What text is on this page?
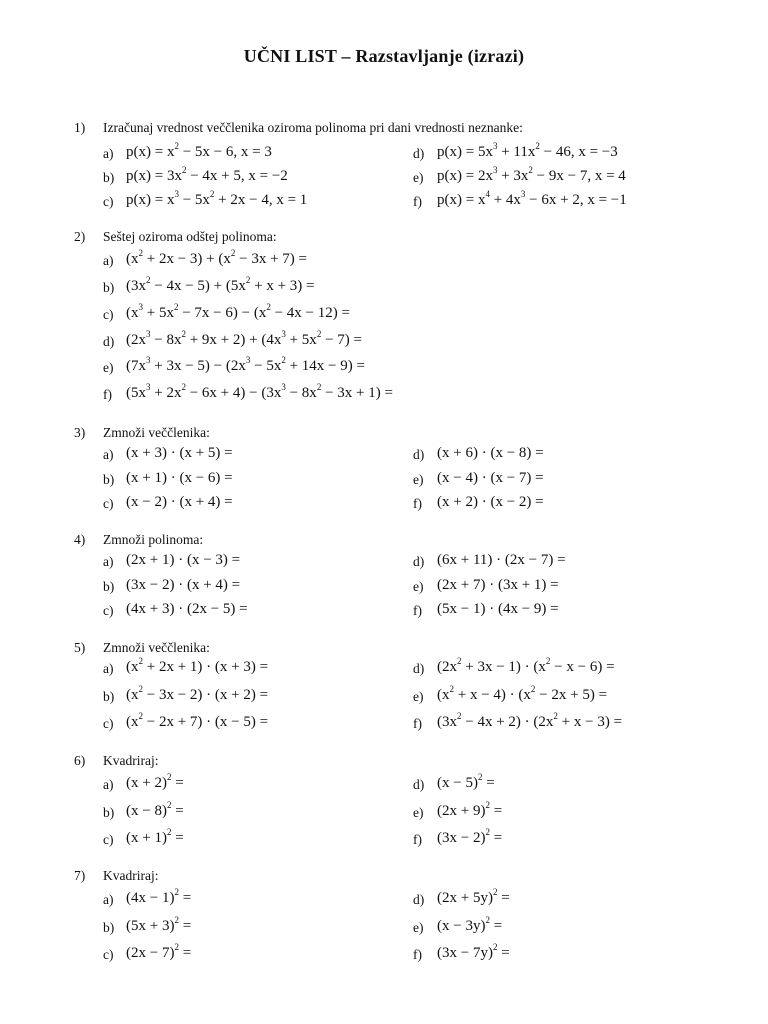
UČNI LIST – Razstavljanje (izrazi)
1) Izračunaj vrednost veččlenika oziroma polinoma pri dani vrednosti neznanke:
a) $p(x) = x^2 - 5x - 6$, x = 3
b) $p(x) = 3x^2 - 4x + 5$, x = −2
c) $p(x) = x^3 - 5x^2 + 2x - 4$, x = 1
d) $p(x) = 5x^3 + 11x^2 - 46$, x = −3
e) $p(x) = 2x^3 + 3x^2 - 9x - 7$, x = 4
f) $p(x) = x^4 + 4x^3 - 6x + 2$, x = −1
2) Seštej oziroma odštej polinoma:
a) $(x^2 + 2x - 3) + (x^2 - 3x + 7)$ =
b) $(3x^2 - 4x - 5) + (5x^2 + x + 3)$ =
c) $(x^3 + 5x^2 - 7x - 6) - (x^2 - 4x - 12)$ =
d) $(2x^3 - 8x^2 + 9x + 2) + (4x^3 + 5x^2 - 7)$ =
e) $(7x^3 + 3x - 5) - (2x^3 - 5x^2 + 14x - 9)$ =
f) $(5x^3 + 2x^2 - 6x + 4) - (3x^3 - 8x^2 - 3x + 1)$ =
3) Zmnoži veččlenika:
a) (x + 3) · (x + 5) =
b) (x + 1) · (x − 6) =
c) (x − 2) · (x + 4) =
d) (x + 6) · (x − 8) =
e) (x − 4) · (x − 7) =
f) (x + 2) · (x − 2) =
4) Zmnoži polinoma:
a) (2x + 1) · (x − 3) =
b) (3x − 2) · (x + 4) =
c) (4x + 3) · (2x − 5) =
d) (6x + 11) · (2x − 7) =
e) (2x + 7) · (3x + 1) =
f) (5x − 1) · (4x − 9) =
5) Zmnoži veččlenika:
a) $(x^2 + 2x + 1) \cdot (x + 3)$ =
b) $(x^2 - 3x - 2) \cdot (x + 2)$ =
c) $(x^2 - 2x + 7) \cdot (x - 5)$ =
d) $(2x^2 + 3x - 1) \cdot (x^2 - x - 6)$ =
e) $(x^2 + x - 4) \cdot (x^2 - 2x + 5)$ =
f) $(3x^2 - 4x + 2) \cdot (2x^2 + x - 3)$ =
6) Kvadriraj:
a) $(x + 2)^2$ =
b) $(x - 8)^2$ =
c) $(x + 1)^2$ =
d) $(x - 5)^2$ =
e) $(2x + 9)^2$ =
f) $(3x - 2)^2$ =
7) Kvadriraj:
a) $(4x - 1)^2$ =
b) $(5x + 3)^2$ =
c) $(2x - 7)^2$ =
d) $(2x + 5y)^2$ =
e) $(x - 3y)^2$ =
f) $(3x - 7y)^2$ =
